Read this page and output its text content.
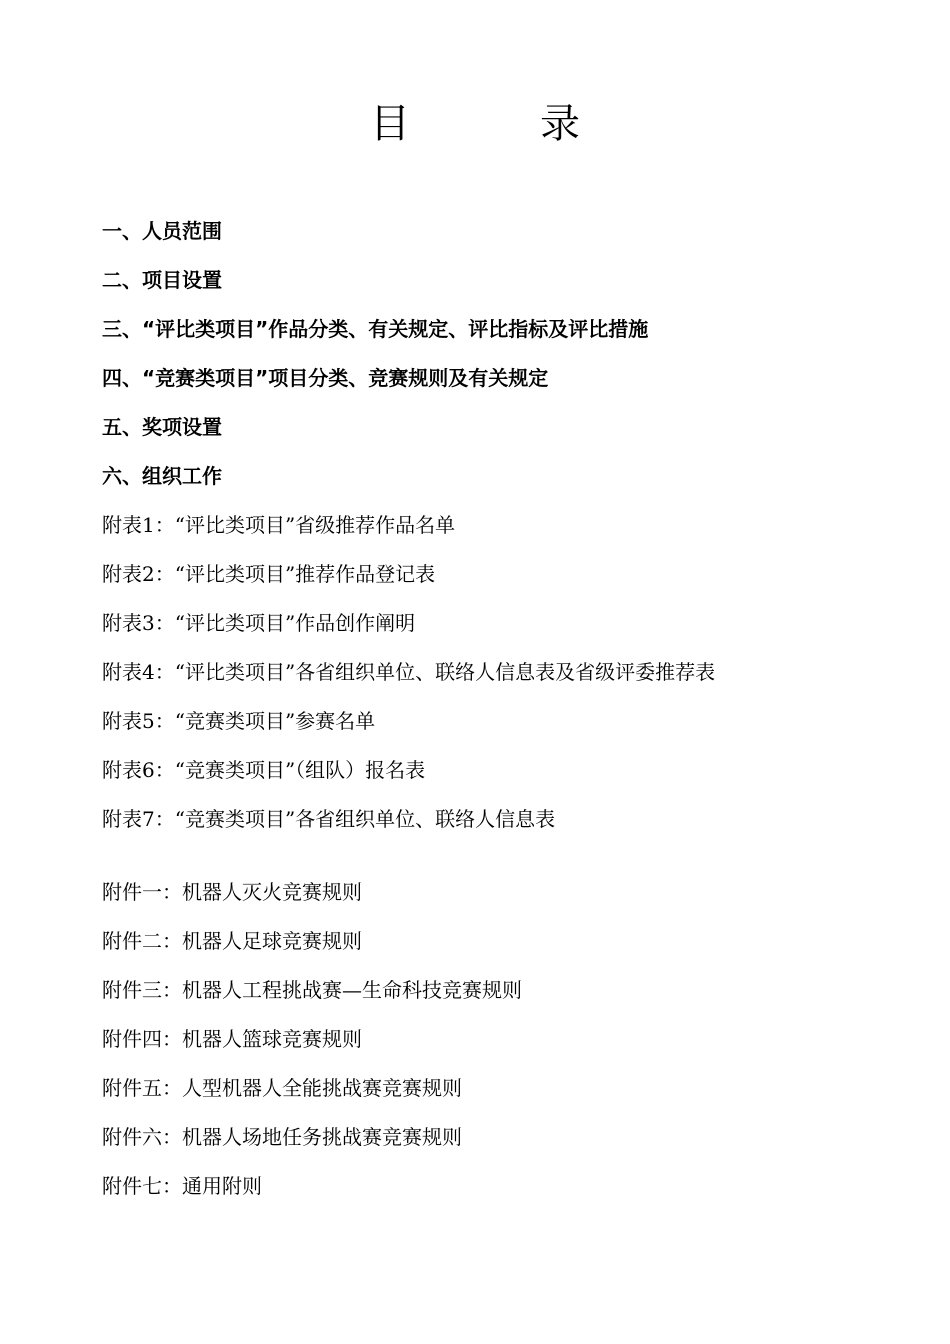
目	录
一、人员范围
二、项目设置
三、“评比类项目”作品分类、有关规定、评比指标及评比措施
四、“竞赛类项目”项目分类、竞赛规则及有关规定
五、奖项设置
六、组织工作
附表1：“评比类项目”省级推荐作品名单
附表2：“评比类项目”推荐作品登记表
附表3：“评比类项目”作品创作阐明
附表4：“评比类项目”各省组织单位、联络人信息表及省级评委推荐表
附表5：“竞赛类项目”参赛名单
附表6：“竞赛类项目”（组队）报名表
附表7：“竞赛类项目”各省组织单位、联络人信息表
附件一：机器人灭火竞赛规则
附件二：机器人足球竞赛规则
附件三：机器人工程挑战赛—生命科技竞赛规则
附件四：机器人篮球竞赛规则
附件五：人型机器人全能挑战赛竞赛规则
附件六：机器人场地任务挑战赛竞赛规则
附件七：通用附则
